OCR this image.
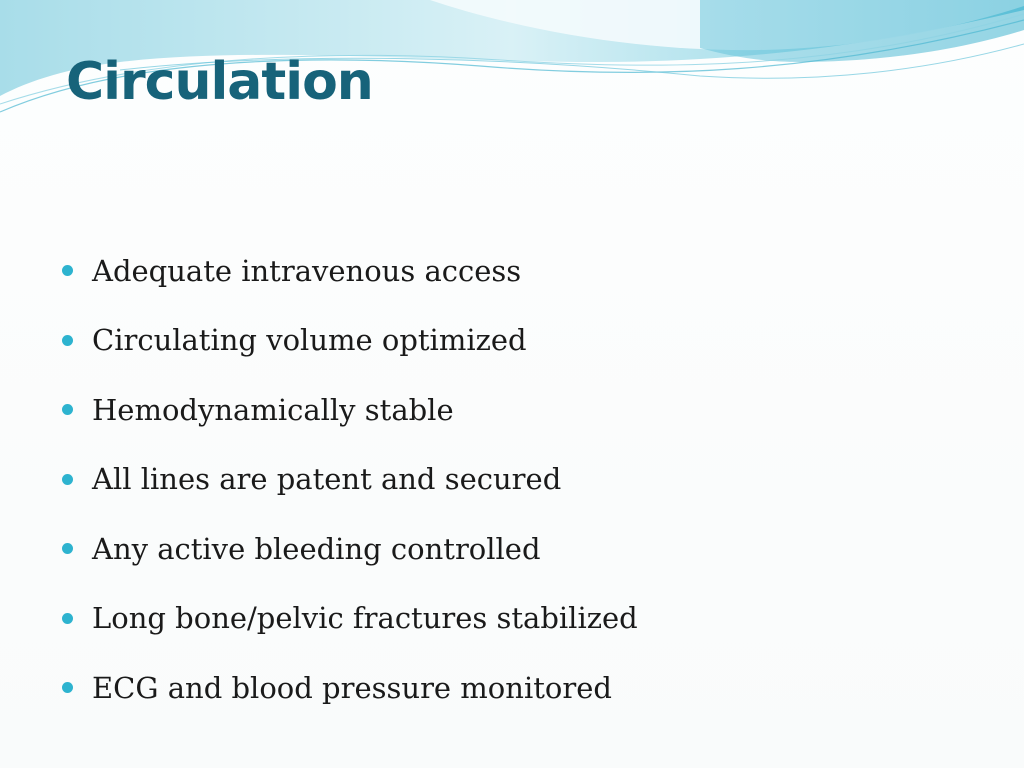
Circulation
Adequate intravenous access
Circulating volume optimized
Hemodynamically stable
All lines are patent and secured
Any active bleeding controlled
Long bone/pelvic fractures stabilized
ECG and blood pressure monitored
